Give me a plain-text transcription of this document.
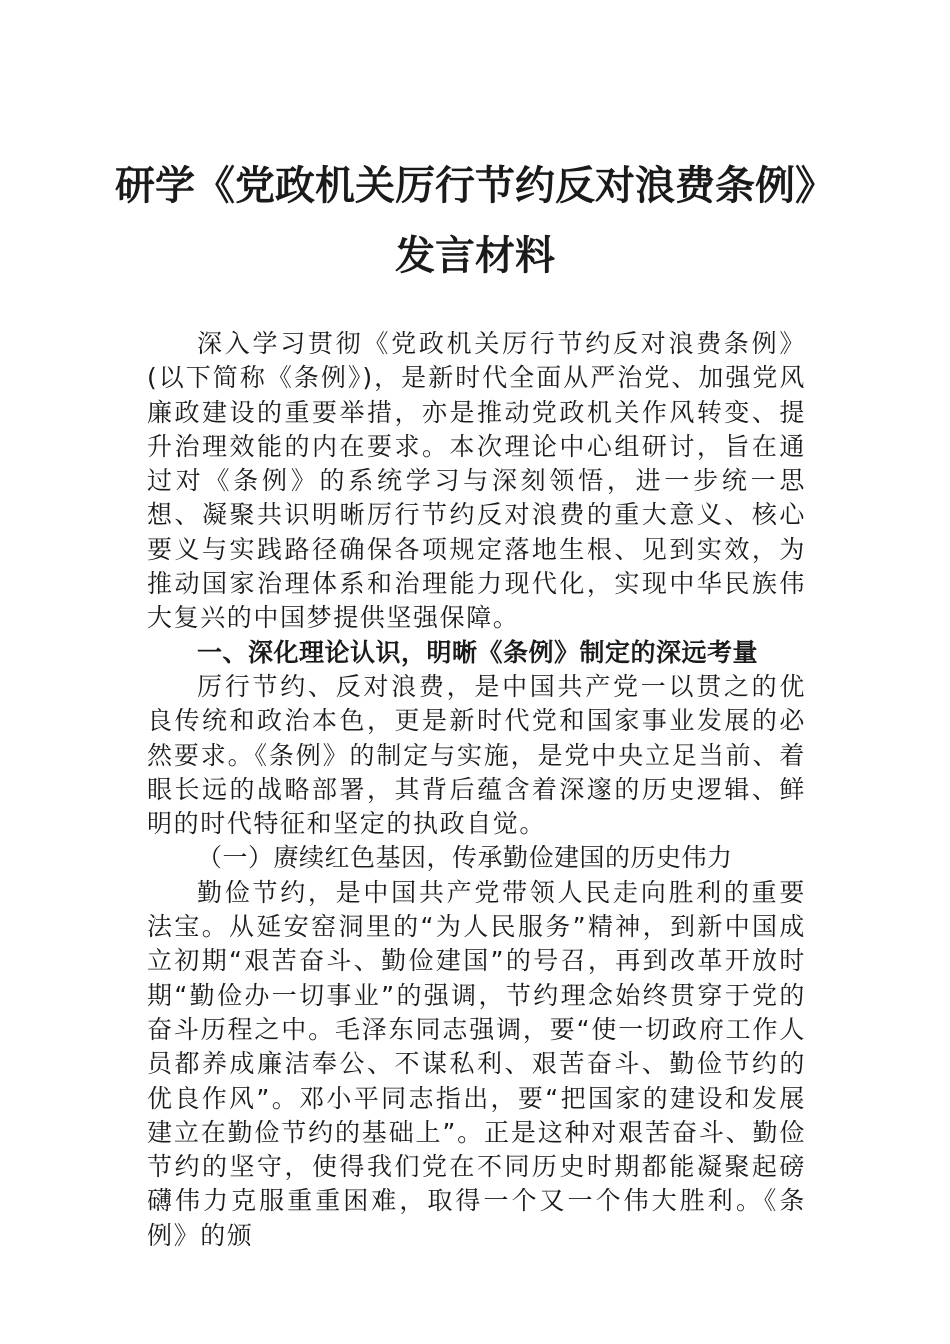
研学《党政机关厉行节约反对浪费条例》
发言材料

深入学习贯彻《党政机关厉行节约反对浪费条例》(以下简称《条例》)，是新时代全面从严治党、加强党风廉政建设的重要举措，亦是推动党政机关作风转变、提升治理效能的内在要求。本次理论中心组研讨，旨在通过对《条例》的系统学习与深刻领悟，进一步统一思想、凝聚共识明晰厉行节约反对浪费的重大意义、核心要义与实践路径确保各项规定落地生根、见到实效，为推动国家治理体系和治理能力现代化，实现中华民族伟大复兴的中国梦提供坚强保障。

一、深化理论认识，明晰《条例》制定的深远考量

厉行节约、反对浪费，是中国共产党一以贯之的优良传统和政治本色，更是新时代党和国家事业发展的必然要求。《条例》的制定与实施，是党中央立足当前、着眼长远的战略部署，其背后蕴含着深邃的历史逻辑、鲜明的时代特征和坚定的执政自觉。

（一）赓续红色基因，传承勤俭建国的历史伟力

勤俭节约，是中国共产党带领人民走向胜利的重要法宝。从延安窑洞里的“为人民服务”精神，到新中国成立初期“艰苦奋斗、勤俭建国”的号召，再到改革开放时期“勤俭办一切事业”的强调，节约理念始终贯穿于党的奋斗历程之中。毛泽东同志强调，要“使一切政府工作人员都养成廉洁奉公、不谋私利、艰苦奋斗、勤俭节约的优良作风”。邓小平同志指出，要“把国家的建设和发展建立在勤俭节约的基础上”。正是这种对艰苦奋斗、勤俭节约的坚守，使得我们党在不同历史时期都能凝聚起磅礴伟力克服重重困难，取得一个又一个伟大胜利。《条例》的颁
